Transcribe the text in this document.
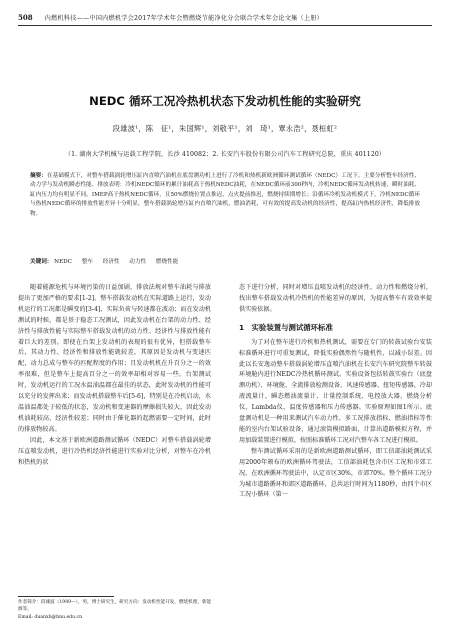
508 内燃机科技——中国内燃机学会2017年学术年会暨燃烧节能净化分会联合学术年会论文集（上册）
NEDC 循环工况冷热机状态下发动机性能的实验研究
段雄波¹，陈　征¹，朱国辉¹，刘敬平¹，刘　琦¹，覃永浩²，聂桓虹²
（1. 湖南大学机械与运载工程学院，长沙 410082；2. 长安汽车股份有限公司汽车工程研究总院，重庆 401120）
摘要：在基础模式下，对整车搭载涡轮增压缸内直喷汽油机在底盘测功机上进行了冷机和热机新欧洲循环测试循环（NEDC）工况下，主要分析整车经济性、动力学与发动机瞬态性能、排放表明：冷机NEDC循环的累计油耗高于热机NEDC油耗，在NEDC循环前300秒内，冷机NEDC循环发动机转速、瞬时油耗、缸内压力均有明显不同。IMEP高于热机NEDC循环，且50%燃烧位置点推迟，点火提前推迟，燃烧持续期增长；沿循环冷机发动机模式下，冷机NEDC循环与热机NEDC循环的排放性能差异十分明显，整车搭载涡轮增压缸内直喷汽油机，燃油消耗，可有效的提高发动机的经济性，提高缸内热机经济性，降低排放物。
关键词： NEDC 整车 经济性 动力性 燃烧性能

随着能源危机与环境污染的日益加剧，排放法规对整车油耗与排放提出了更加严格的要求[1-2]。整车搭载发动机在实际道路上运行，发动机运行的工况都是瞬变的[3-4]，实际负荷与转速都在波动；而在发动机测试的时候，都是基于稳态工况测试，因此发动机在台架的动力性、经济性与排放性能与实际整车搭载发动机的动力性、经济性与排放性能有着巨大的差别。即使在台架上发动机的表现的很有优异，但搭载整车后，其动力性、经济性和排放性能就较差，其原因是发动机与变速匹配，动力总成与整车的匹配程度的作用；且发动机机在升百分之一的效率很难，但是整车上提高百分之一的效率却相对容易一些。台架测试时，发动机运行的工况水温油温都在最佳的状态，此时发动机的性能可以充分的发挥出来；而发动机搭载整车后[5-6]，特别是在冷机启动，水温油温都处于较低的状态，发动机和变速器的摩擦损失较大，因此发动机油耗较高，经济性较差；同时由于催化器的起燃需要一定时间，此时的排放物较高。

因此，本文基于新欧洲道路测试循环（NEDC）对整车搭载涡轮增压直喷发动机，进行冷热机经济性能进行实验对比分析，对整车在冷机和热机的状

态下进行分析，同时对增压直喷发动机的经济性、动力性和燃烧分析，找出整车搭载发动机冷热机的性能差异的原因，为提高整车有效效率提供实验依据。

1　实验装置与测试循环标准

为了对在整车进行冷机和热机测试，需要在专门的转鼓试验台安装标准循环进行可重复测试，降低实验偶然性与随机性，以减小误差。因此以长安逸动整车搭载涡轮增压直喷汽油机在长安汽车研究院整车转鼓环境舱内进行NEDC冷热机循环测试。实验设备包括转鼓实验台（底盘测功机）、环境舱、全流排放检测设备、风速传感器、扭矩传感器、冷却液流量计、瞬态燃油流量计、计量控制系统、电控放大器、燃烧分析仪、Lambda仪、温度传感器和压力传感器。实验原理如图1所示。底盘测功机是一种用来测试汽车动力性、多工况排放指标、燃油指标等性能的室内台架试验设备，通过滚筒模拟路面，计算出道路模拟方程，并用加载装置进行模拟，按照标准循环工况对汽整车各工况进行模拟。

整车测试循环采用的是新欧洲道路测试循环，即工信部油耗测试采用2000年颁布的欧洲循环驾驶法，工信部油耗包含市区工况和市郊工况。在欧洲循环驾驶法中，认定市区30%，市郊70%。整个循环工况分为城市道路循环和郊区道路循环，总共运行时间为1180秒，由四个市区工况小循环（第一

作者简介：段雄波（1989—），男，博士研究生，研究方向：发动机性能开发，燃烧机理，新能源等。
Email: duanxb@hnu.edu.cn
